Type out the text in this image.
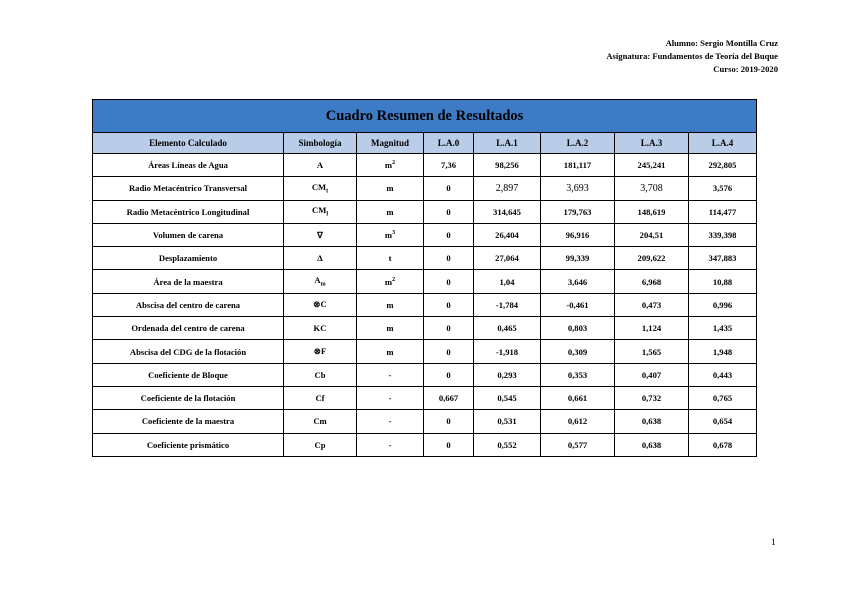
Alumno: Sergio Montilla Cruz
Asignatura: Fundamentos de Teoría del Buque
Curso: 2019-2020
Cuadro Resumen de Resultados							
Elemento Calculado	Simbología	Magnitud	L.A.0	L.A.1	L.A.2	L.A.3	L.A.4
Áreas Líneas de Agua	A	$m^2$	7,36	98,256	181,117	245,241	292,805
Radio Metacéntrico Transversal	$CM_t$	m	0	2,897	3,693	3,708	3,576
Radio Metacéntrico Longitudinal	$CM_l$	m	0	314,645	179,763	148,619	114,477
Volumen de carena	∇	$m^3$	0	26,404	96,916	204,51	339,398
Desplazamiento	Δ	t	0	27,064	99,339	209,622	347,883
Área de la maestra	$A_m$	$m^2$	0	1,04	3,646	6,968	10,88
Abscisa del centro de carena	⊗C	m	0	-1,784	-0,461	0,473	0,996
Ordenada del centro de carena	KC	m	0	0,465	0,803	1,124	1,435
Abscisa del CDG de la flotación	⊗F	m	0	-1,918	0,309	1,565	1,948
Coeficiente de Bloque	Cb	-	0	0,293	0,353	0,407	0,443
Coeficiente de la flotación	Cf	-	0,667	0,545	0,661	0,732	0,765
Coeficiente de la maestra	Cm	-	0	0,531	0,612	0,638	0,654
Coeficiente prismático	Cp	-	0	0,552	0,577	0,638	0,678
1
